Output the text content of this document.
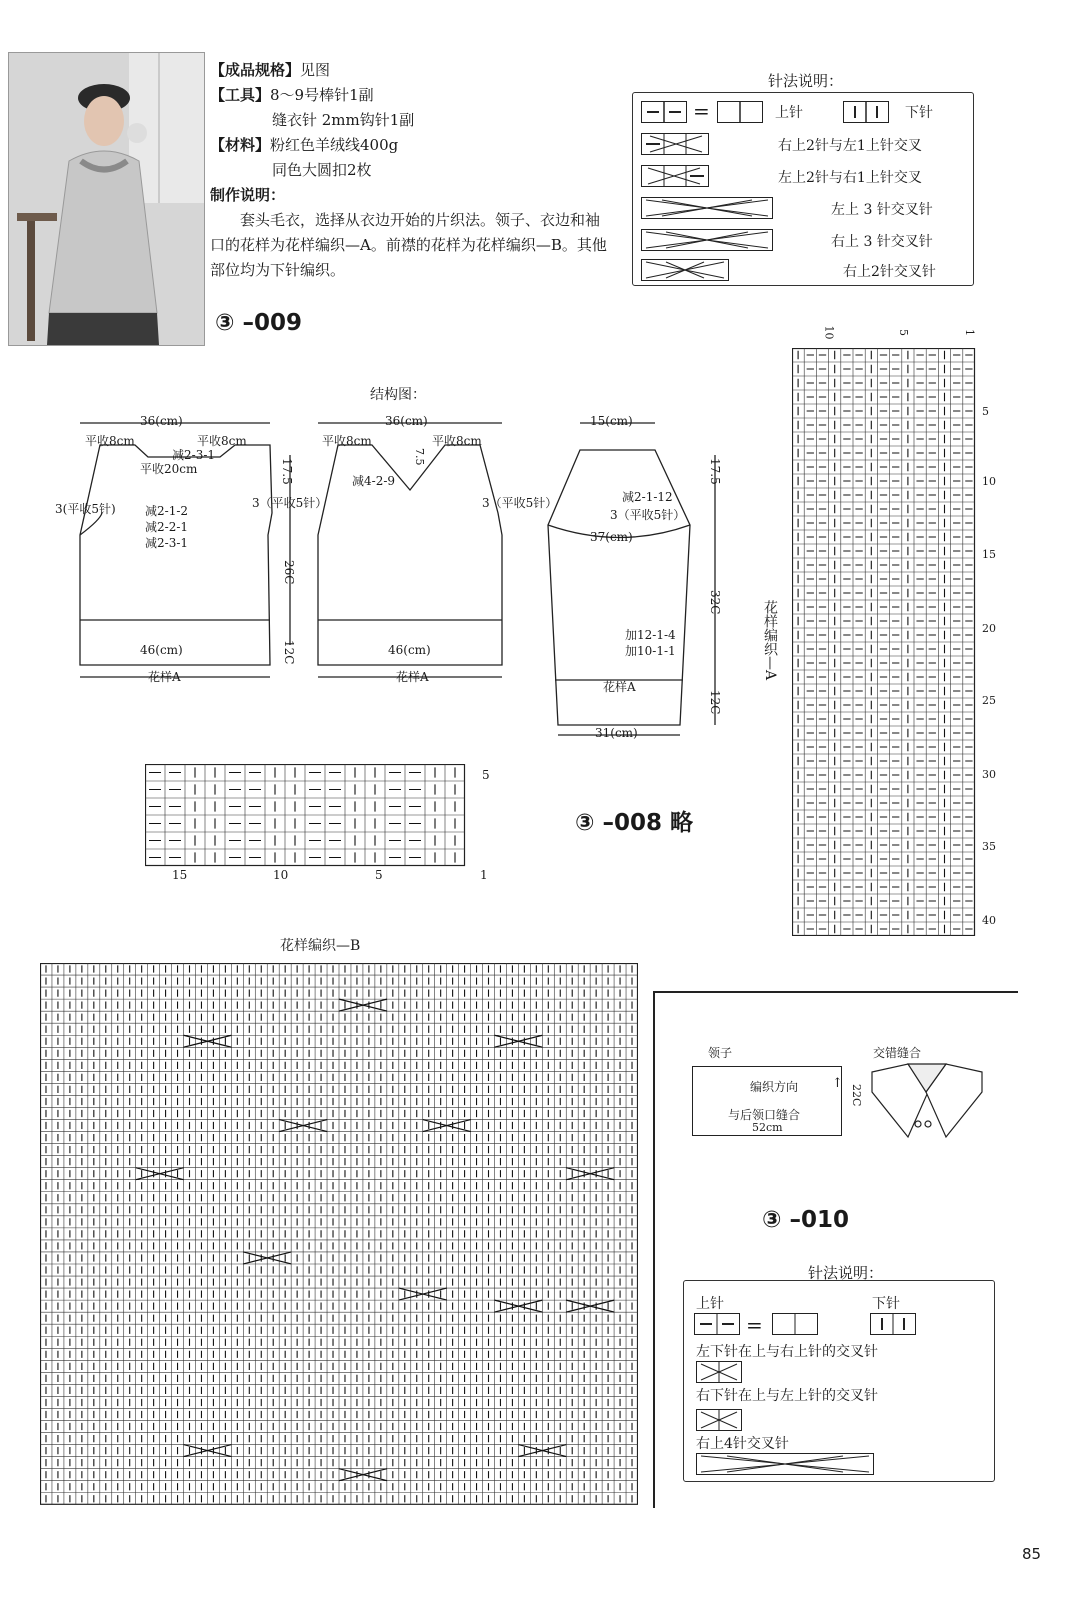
【成品规格】见图

【工具】8～9号棒针1副

缝衣针 2mm钩针1副

【材料】粉红色羊绒线400g

同色大圆扣2枚

制作说明：

套头毛衣，选择从衣边开始的片织法。领子、衣边和袖口的花样为花样编织—A。前襟的花样为花样编织—B。其他部位均为下针编织。

③ –009
针法说明：
=	上针	下针
右上2针与左1上针交叉
左上2针与右1上针交叉
左上 3 针交叉针
右上 3 针交叉针
右上2针交叉针
结构图：
36(cm)
平收8cm	平收8cm
减2-3-1
平收20cm
3(平收5针)	3（平收5针）
减2-1-2
减2-2-1
减2-3-1
17.5
26C
12C
46(cm)
花样A
36(cm)
平收8cm	平收8cm
减4-2-9
7.5
3（平收5针）
46(cm)
花样A
15(cm)
减2-1-12
3（平收5针）
17.5
37(cm)
32C
加12-1-4
加10-1-1
花样A
12C
31(cm)
5
15	10	5	1
③ –008 略
10	5	1
花样编织—A
5
10
15
20
25
30
35
40
花样编织—B
领子
编织方向	↑
与后领口缝合
52cm
22C
交错缝合
③ –010
针法说明：
上针	下针
=
左下针在上与右上针的交叉针
右下针在上与左上针的交叉针
右上4针交叉针
85
